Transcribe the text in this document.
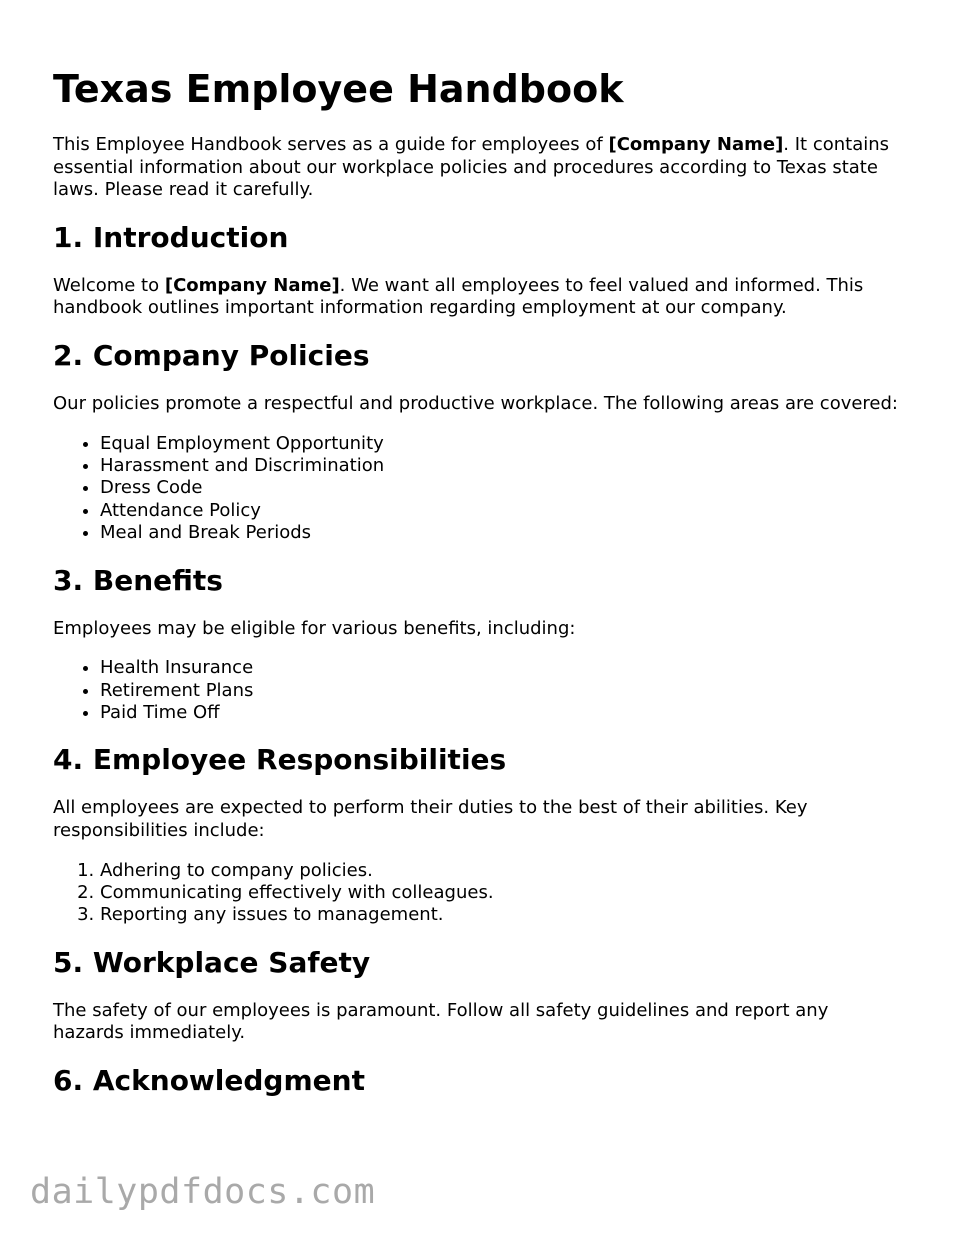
Texas Employee Handbook

This Employee Handbook serves as a guide for employees of [Company Name]. It contains essential information about our workplace policies and procedures according to Texas state laws. Please read it carefully.

1. Introduction

Welcome to [Company Name]. We want all employees to feel valued and informed. This handbook outlines important information regarding employment at our company.

2. Company Policies

Our policies promote a respectful and productive workplace. The following areas are covered:

• Equal Employment Opportunity
• Harassment and Discrimination
• Dress Code
• Attendance Policy
• Meal and Break Periods
3. Benefits

Employees may be eligible for various benefits, including:

• Health Insurance
• Retirement Plans
• Paid Time Off
4. Employee Responsibilities

All employees are expected to perform their duties to the best of their abilities. Key responsibilities include:

1. Adhering to company policies.
2. Communicating effectively with colleagues.
3. Reporting any issues to management.
5. Workplace Safety

The safety of our employees is paramount. Follow all safety guidelines and report any hazards immediately.

6. Acknowledgment
dailypdfdocs.com
